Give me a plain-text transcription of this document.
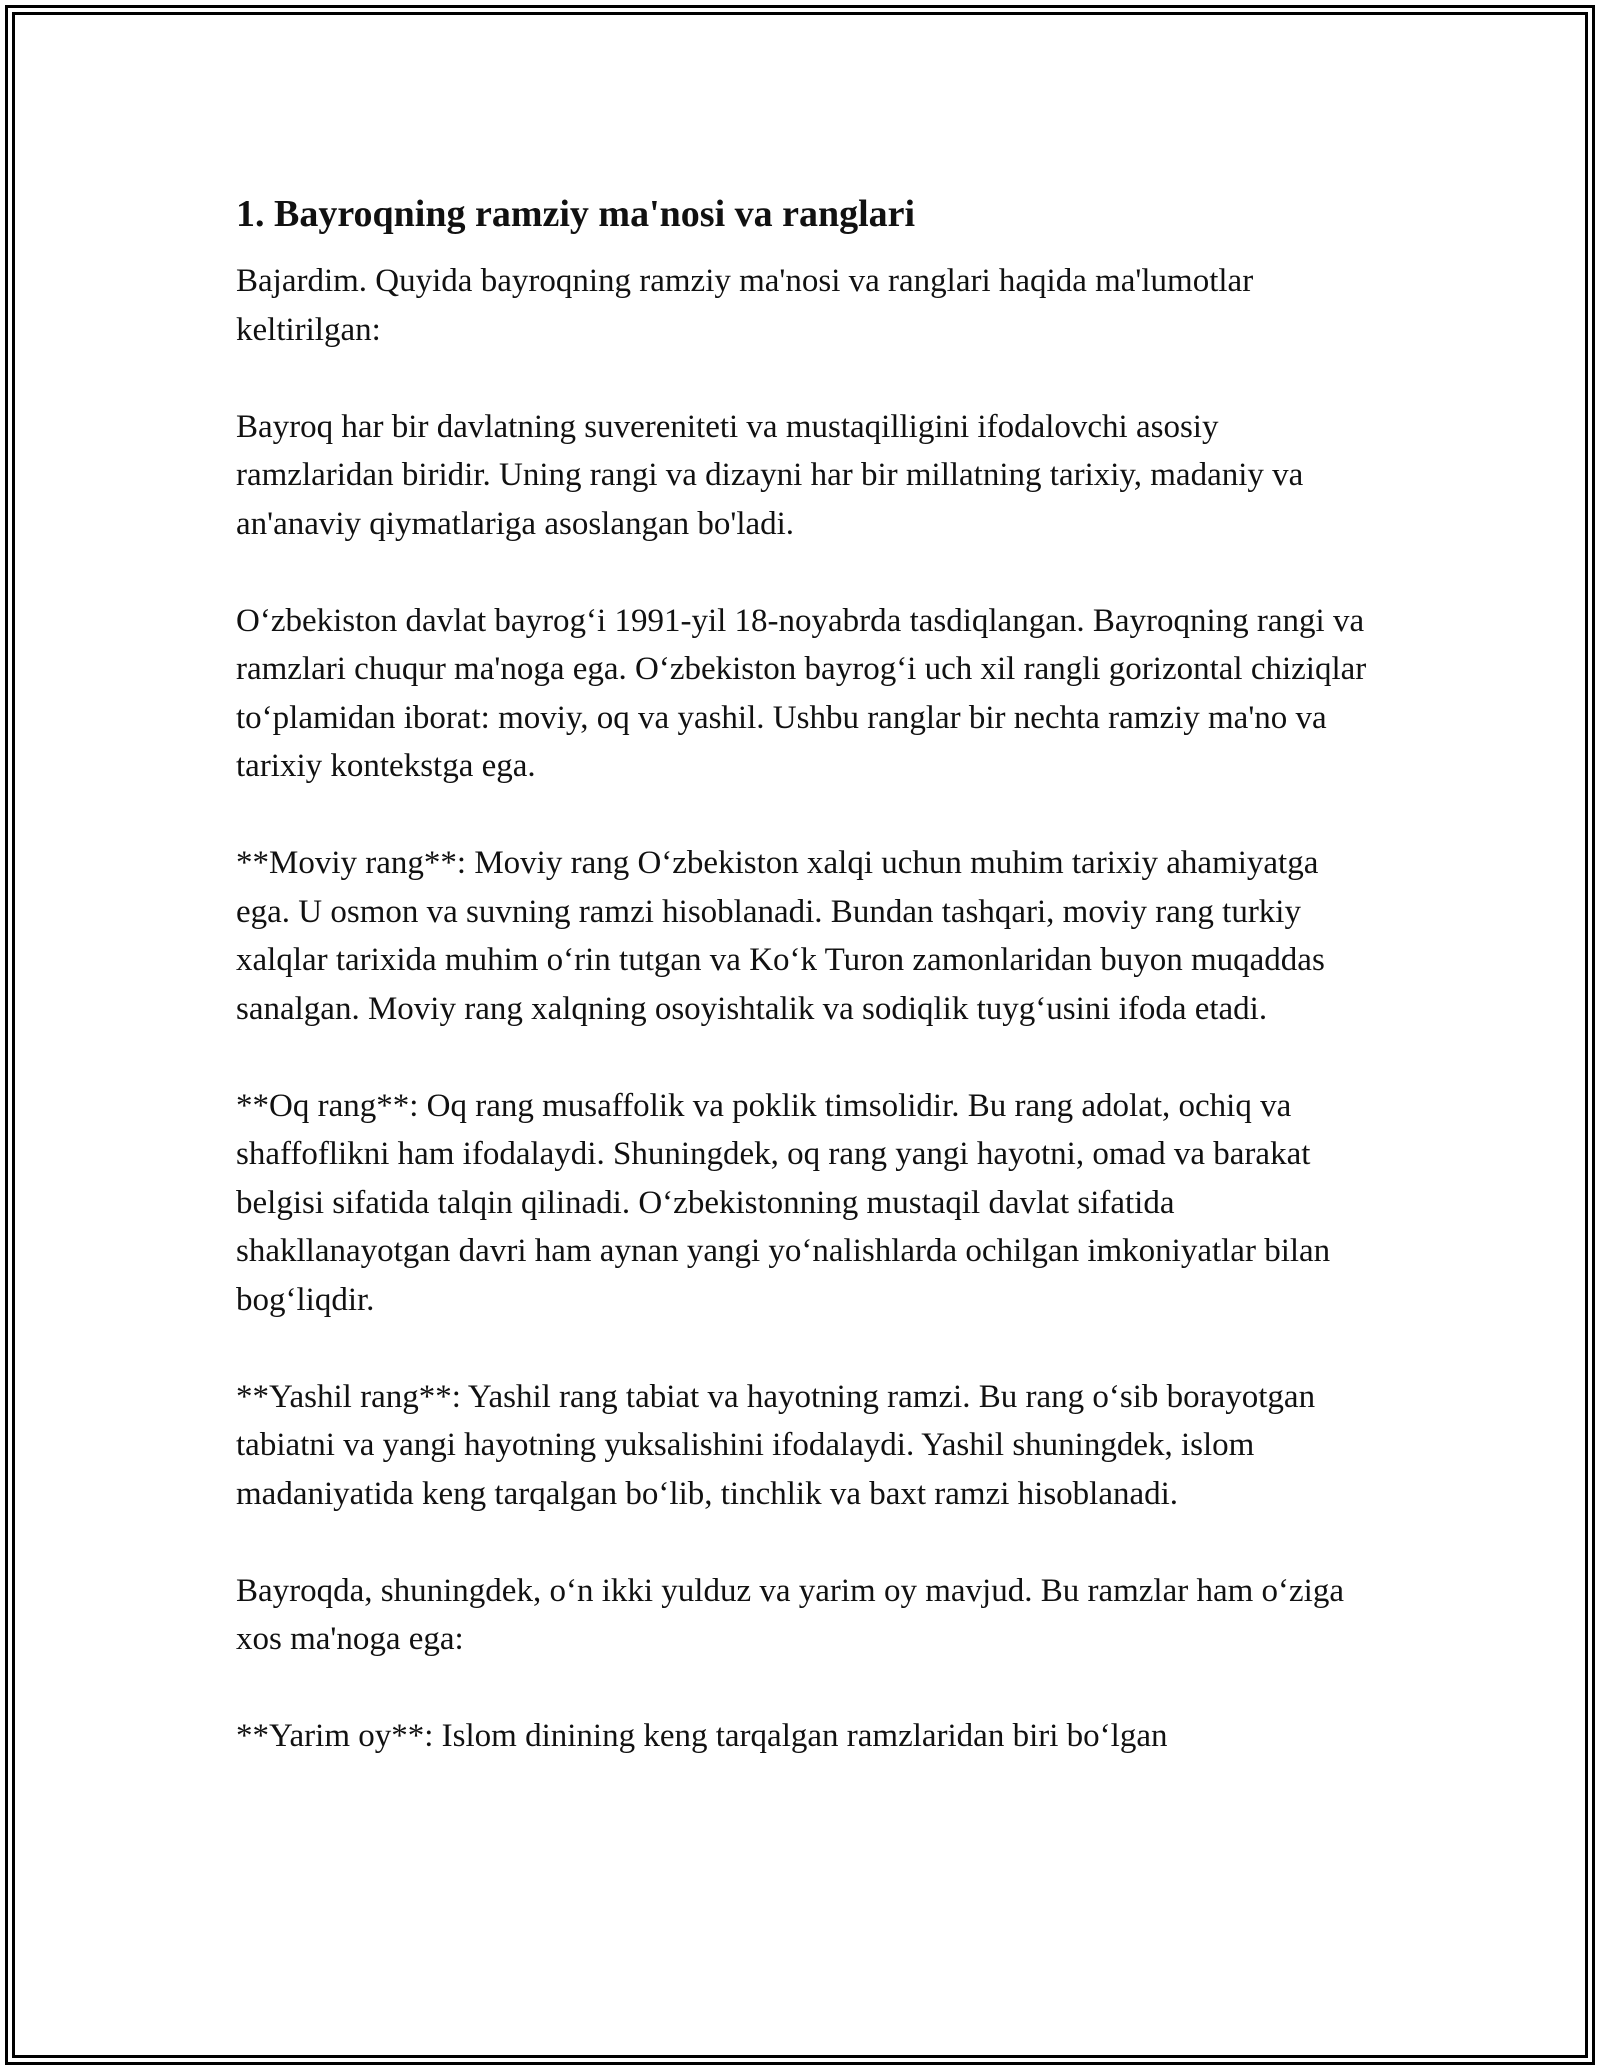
1. Bayroqning ramziy ma'nosi va ranglari

Bajardim. Quyida bayroqning ramziy ma'nosi va ranglari haqida ma'lumotlar keltirilgan:

Bayroq har bir davlatning suvereniteti va mustaqilligini ifodalovchi asosiy ramzlaridan biridir. Uning rangi va dizayni har bir millatning tarixiy, madaniy va an'anaviy qiymatlariga asoslangan bo'ladi.

O‘zbekiston davlat bayrog‘i 1991-yil 18-noyabrda tasdiqlangan. Bayroqning rangi va ramzlari chuqur ma'noga ega. O‘zbekiston bayrog‘i uch xil rangli gorizontal chiziqlar to‘plamidan iborat: moviy, oq va yashil. Ushbu ranglar bir nechta ramziy ma'no va tarixiy kontekstga ega.

**Moviy rang**: Moviy rang O‘zbekiston xalqi uchun muhim tarixiy ahamiyatga ega. U osmon va suvning ramzi hisoblanadi. Bundan tashqari, moviy rang turkiy xalqlar tarixida muhim o‘rin tutgan va Ko‘k Turon zamonlaridan buyon muqaddas sanalgan. Moviy rang xalqning osoyishtalik va sodiqlik tuyg‘usini ifoda etadi.

**Oq rang**: Oq rang musaffolik va poklik timsolidir. Bu rang adolat, ochiq va shaffoflikni ham ifodalaydi. Shuningdek, oq rang yangi hayotni, omad va barakat belgisi sifatida talqin qilinadi. O‘zbekistonning mustaqil davlat sifatida shakllanayotgan davri ham aynan yangi yo‘nalishlarda ochilgan imkoniyatlar bilan bog‘liqdir.

**Yashil rang**: Yashil rang tabiat va hayotning ramzi. Bu rang o‘sib borayotgan tabiatni va yangi hayotning yuksalishini ifodalaydi. Yashil shuningdek, islom madaniyatida keng tarqalgan bo‘lib, tinchlik va baxt ramzi hisoblanadi.

Bayroqda, shuningdek, o‘n ikki yulduz va yarim oy mavjud. Bu ramzlar ham o‘ziga xos ma'noga ega:

**Yarim oy**: Islom dinining keng tarqalgan ramzlaridan biri bo‘lgan
